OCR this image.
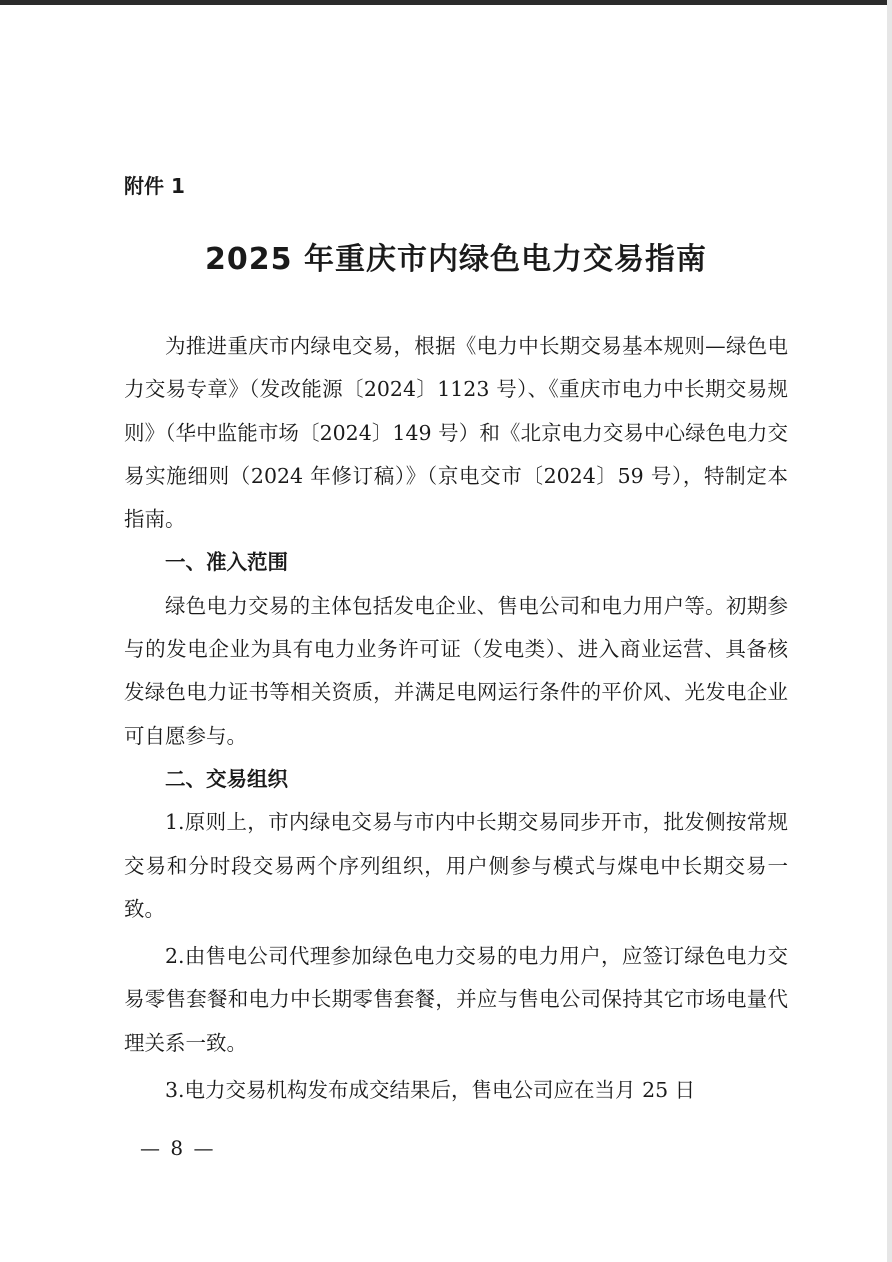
附件 1
2025 年重庆市内绿色电力交易指南

为推进重庆市内绿电交易，根据《电力中长期交易基本规则—绿色电力交易专章》（发改能源〔2024〕1123 号）、《重庆市电力中长期交易规则》（华中监能市场〔2024〕149 号）和《北京电力交易中心绿色电力交易实施细则（2024 年修订稿）》（京电交市〔2024〕59 号），特制定本指南。

一、准入范围

绿色电力交易的主体包括发电企业、售电公司和电力用户等。初期参与的发电企业为具有电力业务许可证（发电类）、进入商业运营、具备核发绿色电力证书等相关资质，并满足电网运行条件的平价风、光发电企业可自愿参与。

二、交易组织

1.原则上，市内绿电交易与市内中长期交易同步开市，批发侧按常规交易和分时段交易两个序列组织，用户侧参与模式与煤电中长期交易一致。

2.由售电公司代理参加绿色电力交易的电力用户，应签订绿色电力交易零售套餐和电力中长期零售套餐，并应与售电公司保持其它市场电量代理关系一致。

3.电力交易机构发布成交结果后，售电公司应在当月 25 日

— 8 —
